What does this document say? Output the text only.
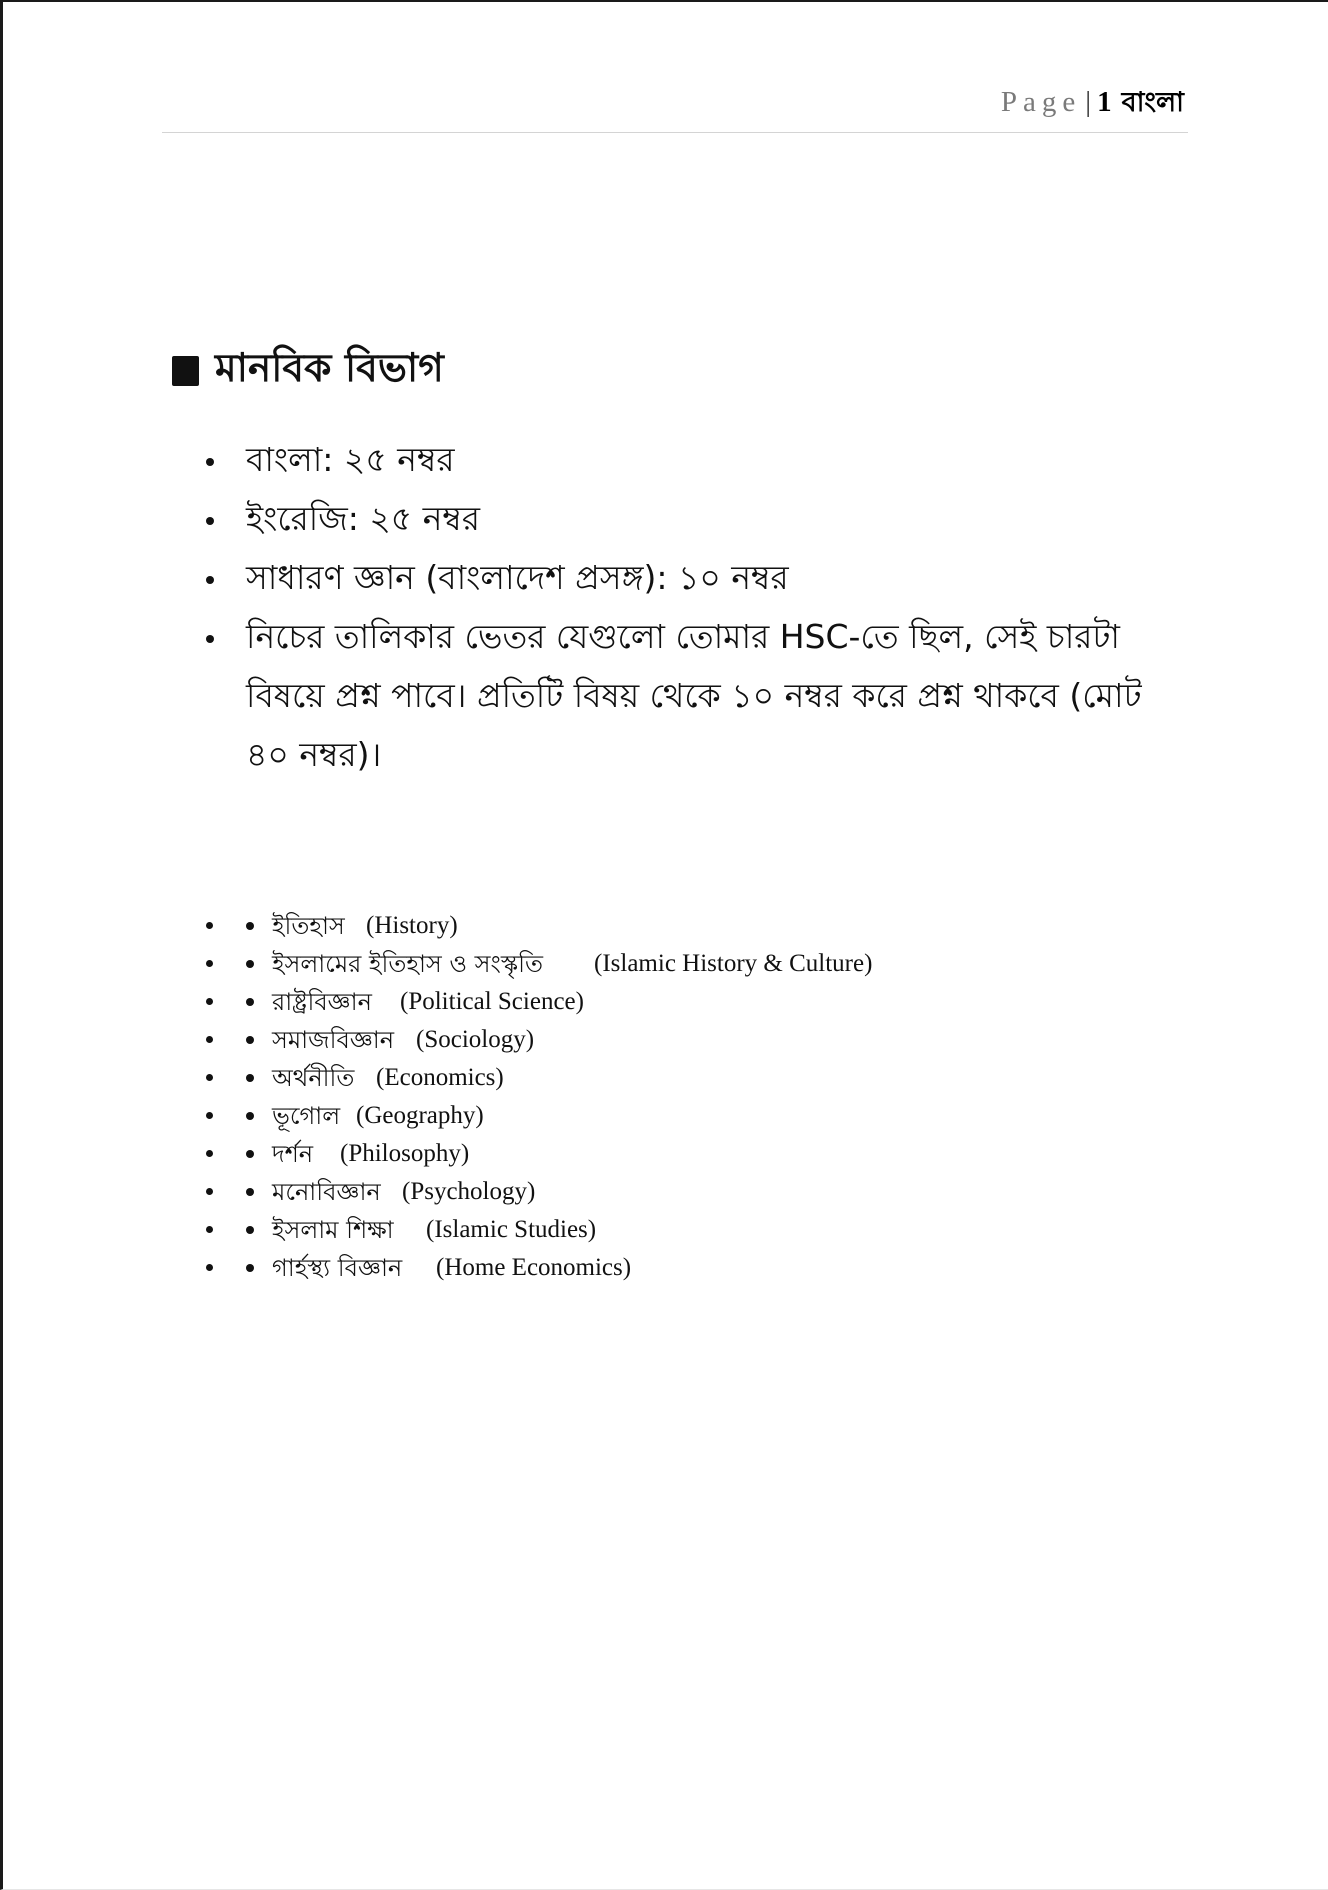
Page | 1 বাংলা
মানবিক বিভাগ
বাংলা: ২৫ নম্বর
ইংরেজি: ২৫ নম্বর
সাধারণ জ্ঞান (বাংলাদেশ প্রসঙ্গ): ১০ নম্বর
নিচের তালিকার ভেতর যেগুলো তোমার HSC-তে ছিল, সেই চারটা বিষয়ে প্রশ্ন পাবে। প্রতিটি বিষয় থেকে ১০ নম্বর করে প্রশ্ন থাকবে (মোট ৪০ নম্বর)।
ইতিহাস (History)
ইসলামের ইতিহাস ও সংস্কৃতি (Islamic History & Culture)
রাষ্ট্রবিজ্ঞান (Political Science)
সমাজবিজ্ঞান (Sociology)
অর্থনীতি (Economics)
ভূগোল (Geography)
দর্শন (Philosophy)
মনোবিজ্ঞান (Psychology)
ইসলাম শিক্ষা (Islamic Studies)
গার্হস্থ্য বিজ্ঞান (Home Economics)
